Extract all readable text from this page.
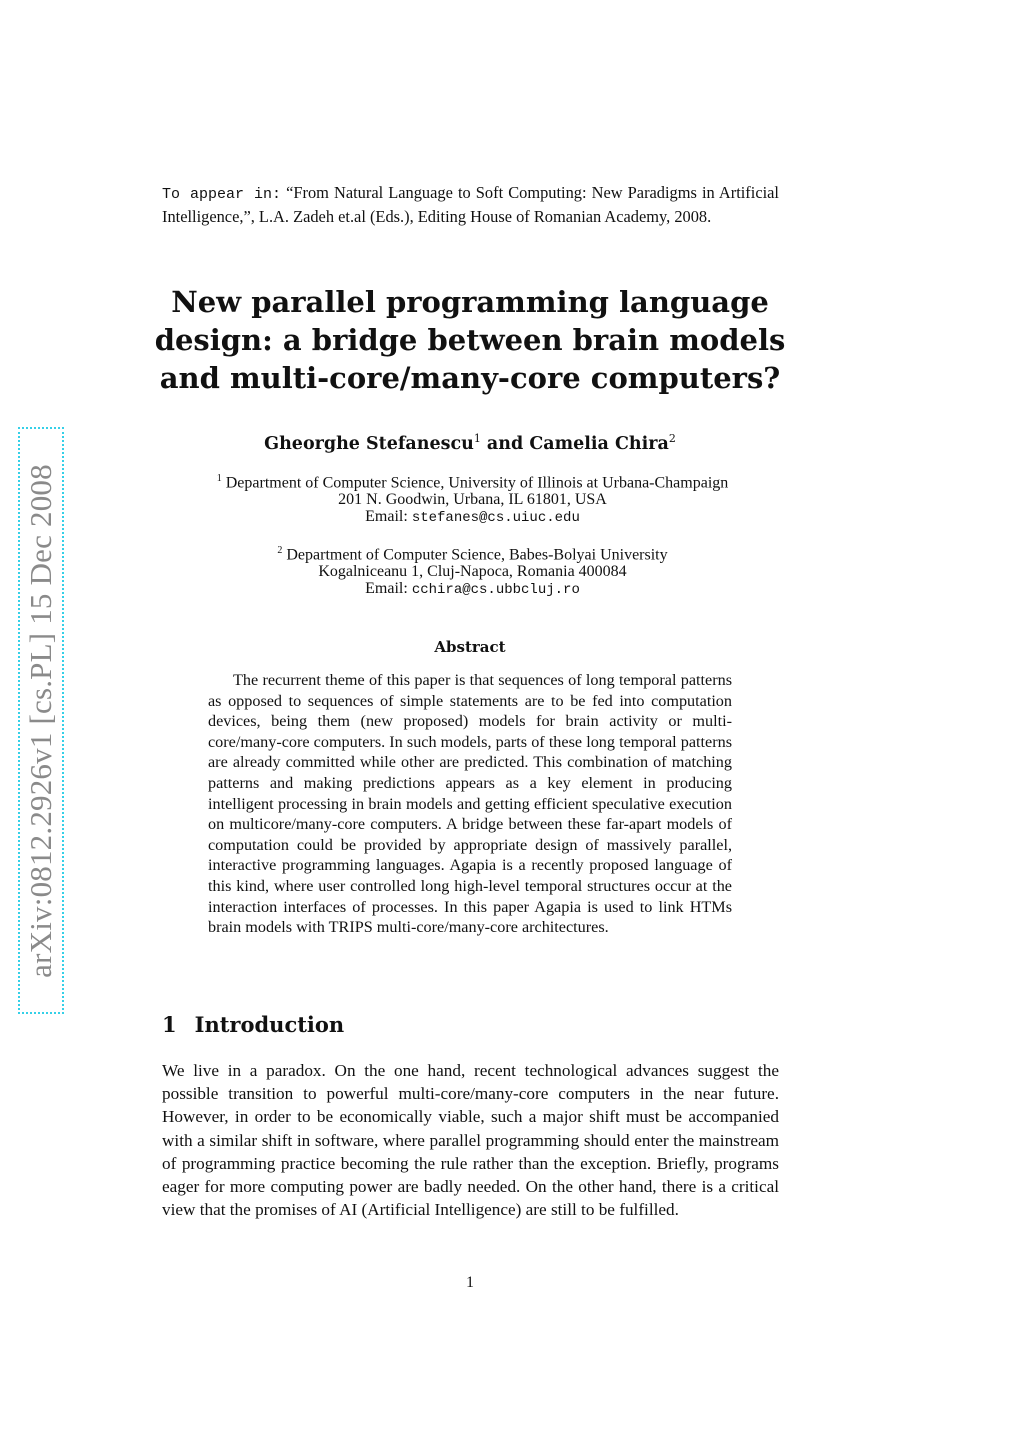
arXiv:0812.2926v1 [cs.PL] 15 Dec 2008
To appear in: “From Natural Language to Soft Computing: New Paradigms in Artificial Intelligence,”, L.A. Zadeh et.al (Eds.), Editing House of Romanian Academy, 2008.
New parallel programming language design: a bridge between brain models and multi-core/many-core computers?
Gheorghe Stefanescu$^1$ and Camelia Chira$^2$
$^1$ Department of Computer Science, University of Illinois at Urbana-Champaign
201 N. Goodwin, Urbana, IL 61801, USA
Email: stefanes@cs.uiuc.edu
$^2$ Department of Computer Science, Babes-Bolyai University
Kogalniceanu 1, Cluj-Napoca, Romania 400084
Email: cchira@cs.ubbcluj.ro
Abstract

The recurrent theme of this paper is that sequences of long temporal patterns as opposed to sequences of simple statements are to be fed into computation devices, being them (new proposed) models for brain activity or multi-core/many-core computers. In such models, parts of these long temporal patterns are already committed while other are predicted. This combination of matching patterns and making predictions appears as a key element in producing intelligent processing in brain models and getting efficient speculative execution on multicore/many-core computers. A bridge between these far-apart models of computation could be provided by appropriate design of massively parallel, interactive programming languages. Agapia is a recently proposed language of this kind, where user controlled long high-level temporal structures occur at the interaction interfaces of processes. In this paper Agapia is used to link HTMs brain models with TRIPS multi-core/many-core architectures.

1 Introduction

We live in a paradox. On the one hand, recent technological advances suggest the possible transition to powerful multi-core/many-core computers in the near future. However, in order to be economically viable, such a major shift must be accompanied with a similar shift in software, where parallel programming should enter the mainstream of programming practice becoming the rule rather than the exception. Briefly, programs eager for more computing power are badly needed. On the other hand, there is a critical view that the promises of AI (Artificial Intelligence) are still to be fulfilled.

1
